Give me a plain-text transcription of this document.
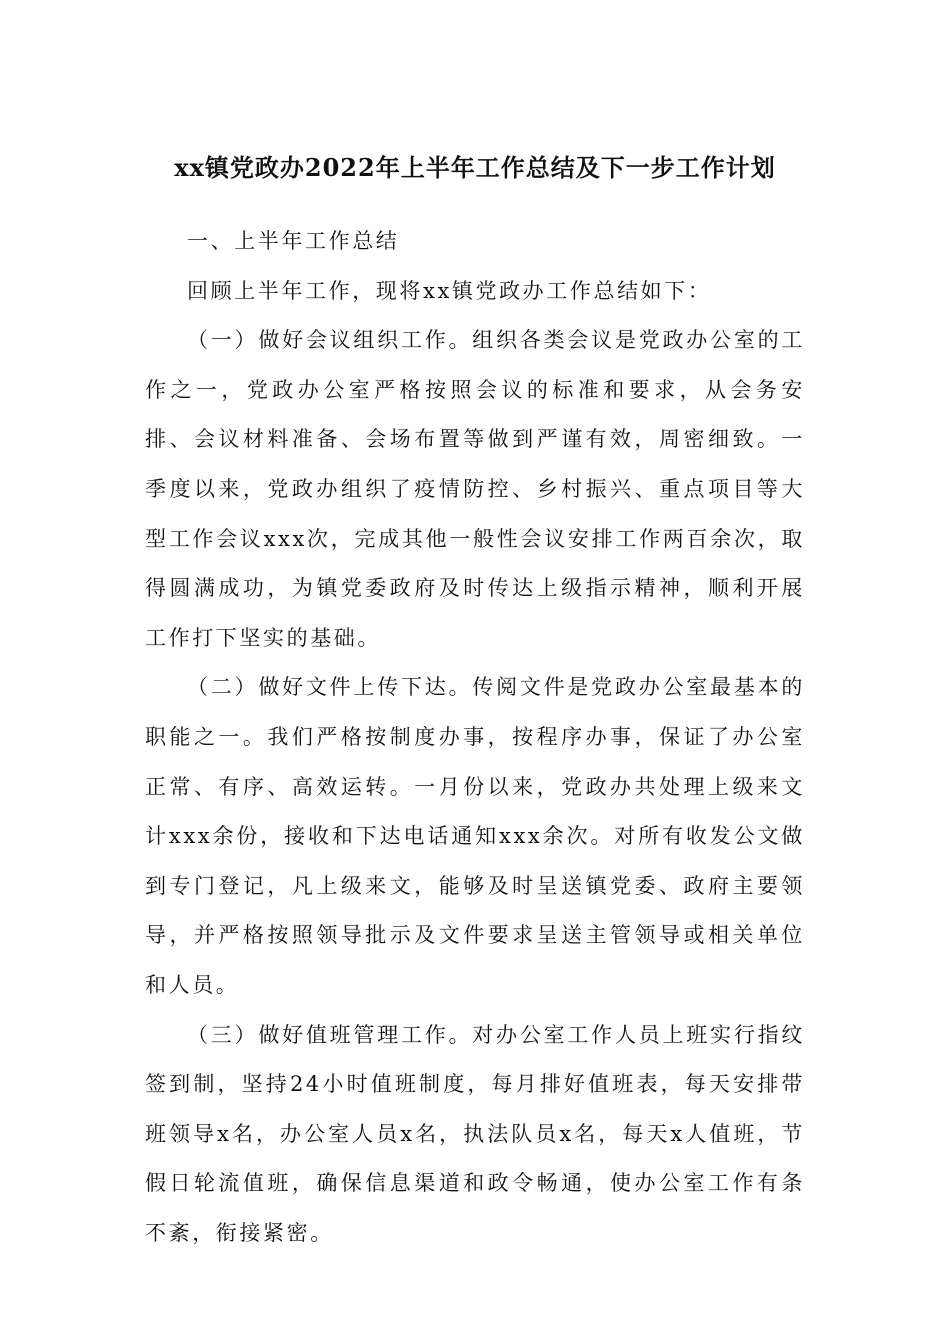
xx镇党政办2022年上半年工作总结及下一步工作计划

一、上半年工作总结

回顾上半年工作，现将xx镇党政办工作总结如下：

（一）做好会议组织工作。组织各类会议是党政办公室的工作之一，党政办公室严格按照会议的标准和要求，从会务安排、会议材料准备、会场布置等做到严谨有效，周密细致。一季度以来，党政办组织了疫情防控、乡村振兴、重点项目等大型工作会议xxx次，完成其他一般性会议安排工作两百余次，取得圆满成功，为镇党委政府及时传达上级指示精神，顺利开展工作打下坚实的基础。

（二）做好文件上传下达。传阅文件是党政办公室最基本的职能之一。我们严格按制度办事，按程序办事，保证了办公室正常、有序、高效运转。一月份以来，党政办共处理上级来文计xxx余份，接收和下达电话通知xxx余次。对所有收发公文做到专门登记，凡上级来文，能够及时呈送镇党委、政府主要领导，并严格按照领导批示及文件要求呈送主管领导或相关单位和人员。

（三）做好值班管理工作。对办公室工作人员上班实行指纹签到制，坚持24小时值班制度，每月排好值班表，每天安排带班领导x名，办公室人员x名，执法队员x名，每天x人值班，节假日轮流值班，确保信息渠道和政令畅通，使办公室工作有条不紊，衔接紧密。
